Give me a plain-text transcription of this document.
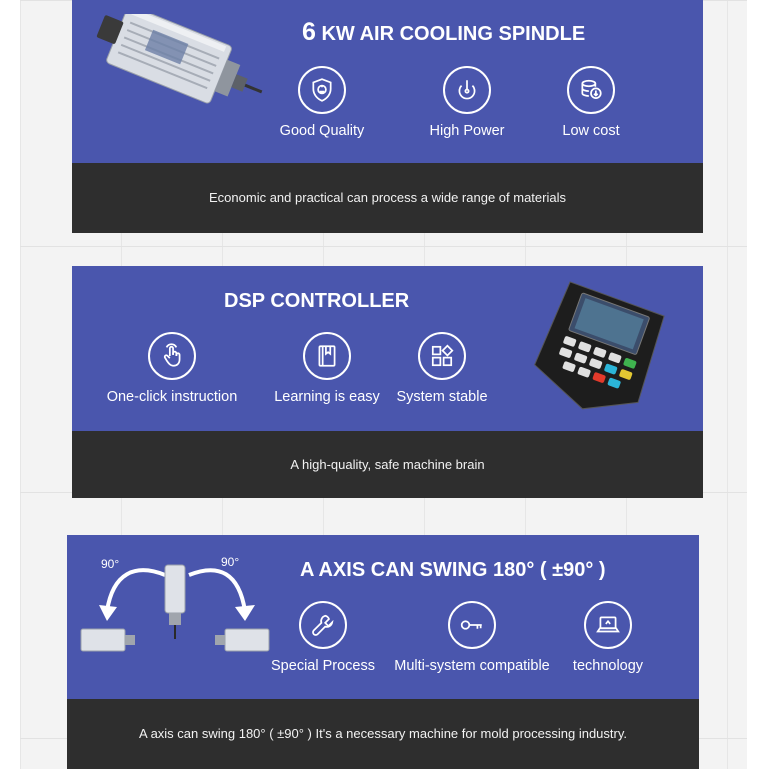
6 KW AIR COOLING SPINDLE
Good Quality	High Power	Low cost
Economic and practical can process a wide range of materials
DSP CONTROLLER
One-click instruction	Learning is easy	System stable
A high-quality, safe machine brain
90°	90°	A AXIS CAN SWING 180° ( ±90° )
Special Process	Multi-system compatible	technology
A axis can swing 180° ( ±90° ) It's a necessary machine for mold processing industry.
